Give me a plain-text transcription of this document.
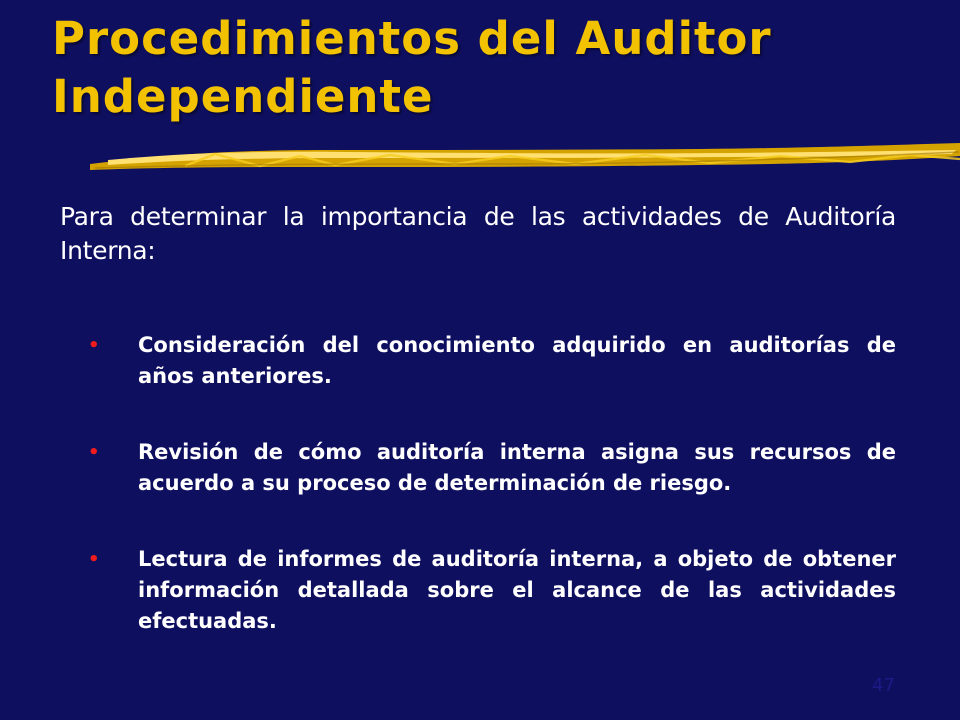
Procedimientos del Auditor Independiente

Para determinar la importancia de las actividades de Auditoría Interna:

• Consideración del conocimiento adquirido en auditorías de años anteriores.
• Revisión de cómo auditoría interna asigna sus recursos de acuerdo a su proceso de determinación de riesgo.
• Lectura de informes de auditoría interna, a objeto de obtener información detallada sobre el alcance de las actividades efectuadas.
47
